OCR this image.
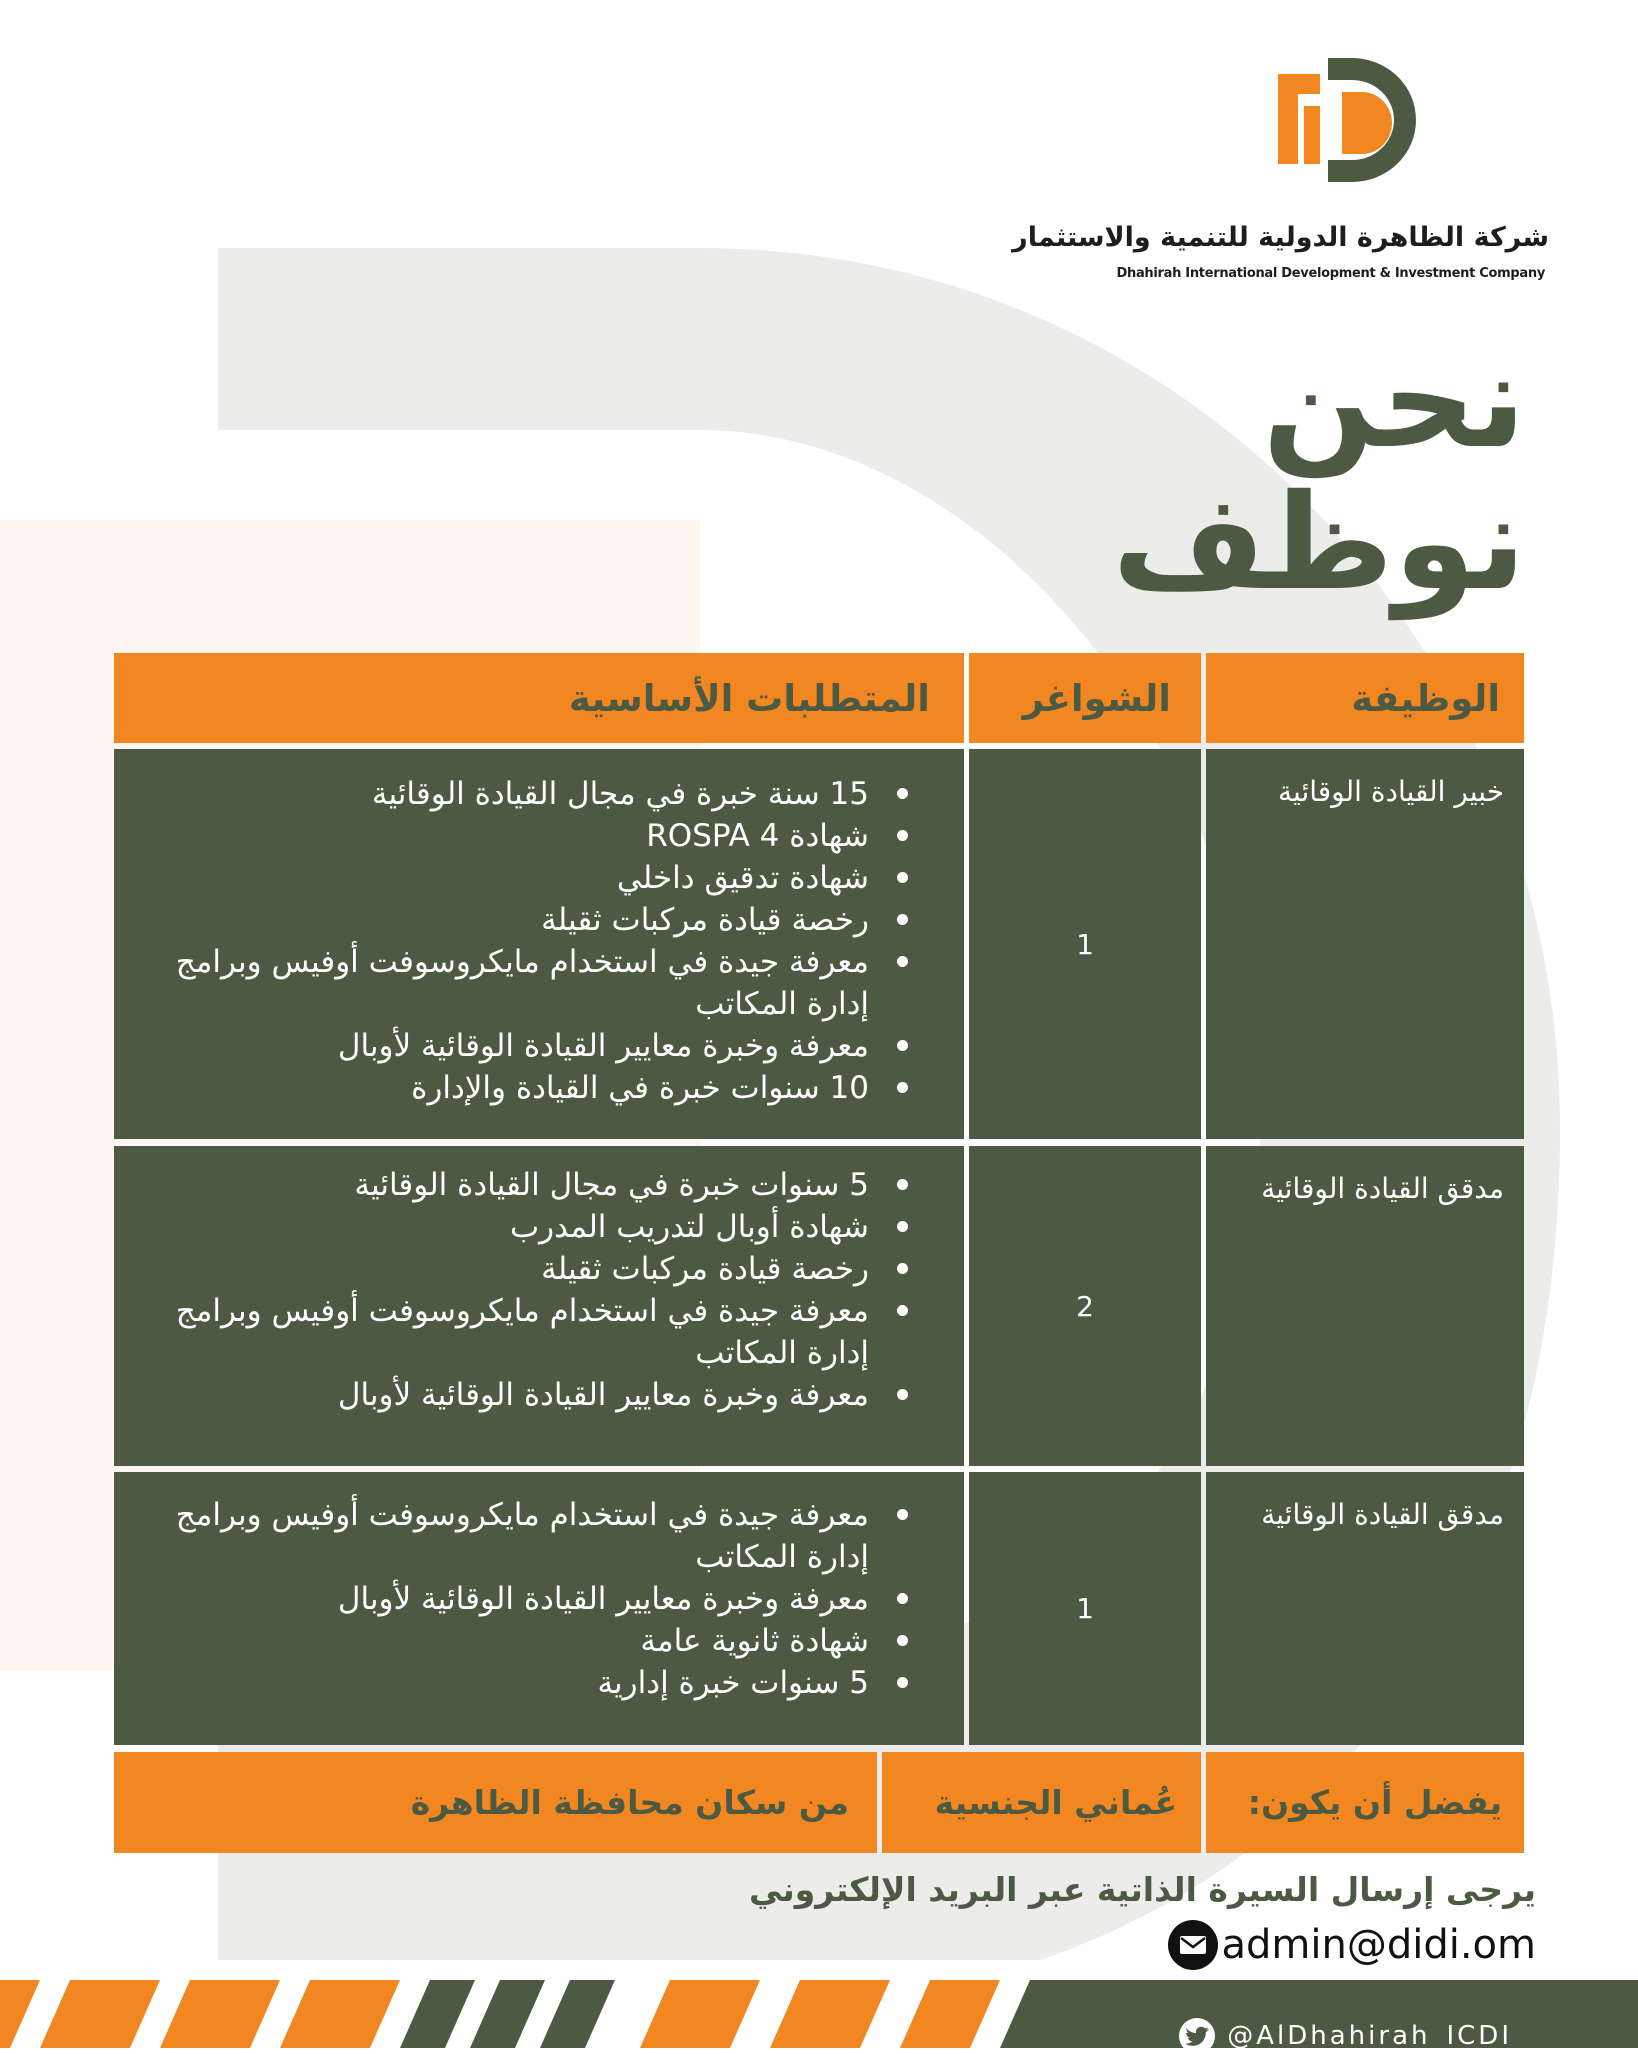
شركة الظاهرة الدولية للتنمية والاستثمار
Dhahirah International Development & Investment Company
نحن
نوظف
الوظيفة
الشواغر
المتطلبات الأساسية
خبير القيادة الوقائية
1
15 سنة خبرة في مجال القيادة الوقائية
شهادة ROSPA 4
شهادة تدقيق داخلي
رخصة قيادة مركبات ثقيلة
معرفة جيدة في استخدام مايكروسوفت أوفيس وبرامج إدارة المكاتب
معرفة وخبرة معايير القيادة الوقائية لأوبال
10 سنوات خبرة في القيادة والإدارة
مدقق القيادة الوقائية
2
5 سنوات خبرة في مجال القيادة الوقائية
شهادة أوبال لتدريب المدرب
رخصة قيادة مركبات ثقيلة
معرفة جيدة في استخدام مايكروسوفت أوفيس وبرامج إدارة المكاتب
معرفة وخبرة معايير القيادة الوقائية لأوبال
مدقق القيادة الوقائية
1
معرفة جيدة في استخدام مايكروسوفت أوفيس وبرامج إدارة المكاتب
معرفة وخبرة معايير القيادة الوقائية لأوبال
شهادة ثانوية عامة
5 سنوات خبرة إدارية
يفضل أن يكون:
عُماني الجنسية
من سكان محافظة الظاهرة
يرجى إرسال السيرة الذاتية عبر البريد الإلكتروني
admin@didi.om
@AlDhahirah_ICDI
